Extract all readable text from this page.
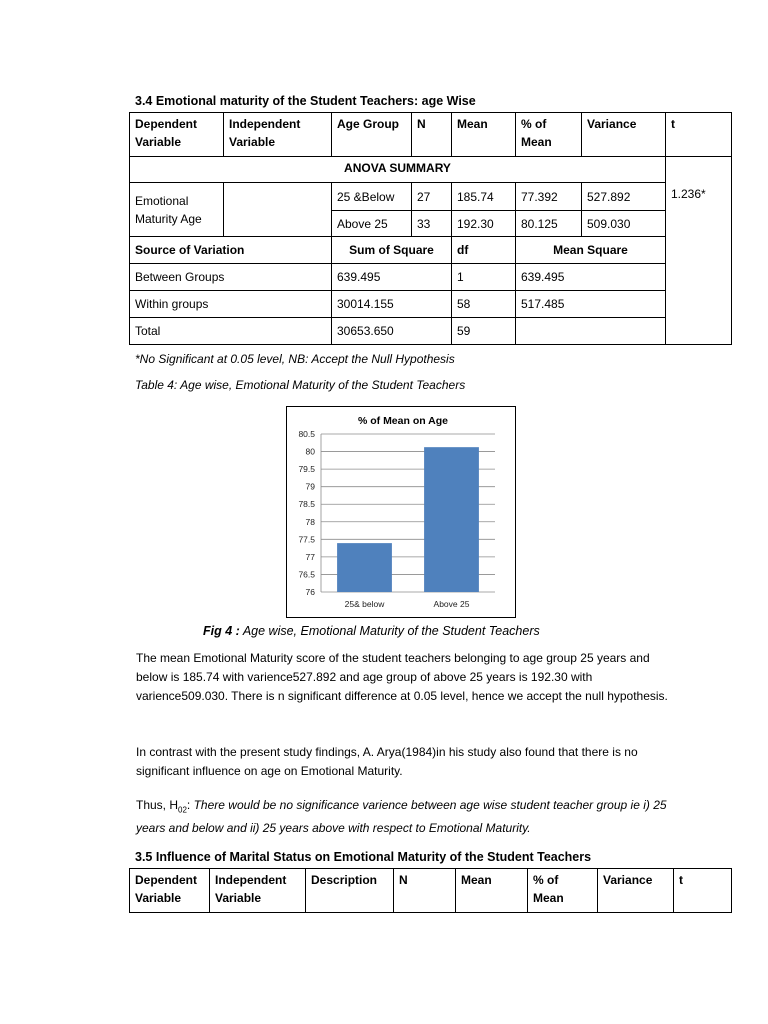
3.4 Emotional maturity of the Student Teachers: age Wise
Dependent Variable	Independent Variable	Age Group	N	Mean	% of Mean	Variance	t
ANOVA SUMMARY							1.236*
Emotional Maturity Age		25 &Below	27	185.74	77.392	527.892	
		Above 25	33	192.30	80.125	509.030	
Source of Variation		Sum of Square		df	Mean Square		
Between Groups		639.495		1	639.495		
Within groups		30014.155		58	517.485		
Total		30653.650		59			
*No Significant at 0.05 level, NB: Accept the Null Hypothesis
Table 4: Age wise, Emotional Maturity of the Student Teachers
% of Mean on Age
80.5
80
79.5
79
78.5
78
77.5
77
76.5
76
25& below	Above 25
Fig 4 : Age wise, Emotional Maturity of the Student Teachers
The mean Emotional Maturity score of the student teachers belonging to age group 25 years and below is 185.74 with varience527.892 and age group of above 25 years is 192.30 with varience509.030. There is n significant difference at 0.05 level, hence we accept the null hypothesis.
In contrast with the present study findings, A. Arya(1984)in his study also found that there is no significant influence on age on Emotional Maturity.
Thus, $H_{02}$: There would be no significance varience between age wise student teacher group ie i) 25 years and below and ii) 25 years above with respect to Emotional Maturity.
3.5 Influence of Marital Status on Emotional Maturity of the Student Teachers
Dependent Variable	Independent Variable	Description	N	Mean	% of Mean	Variance	t
